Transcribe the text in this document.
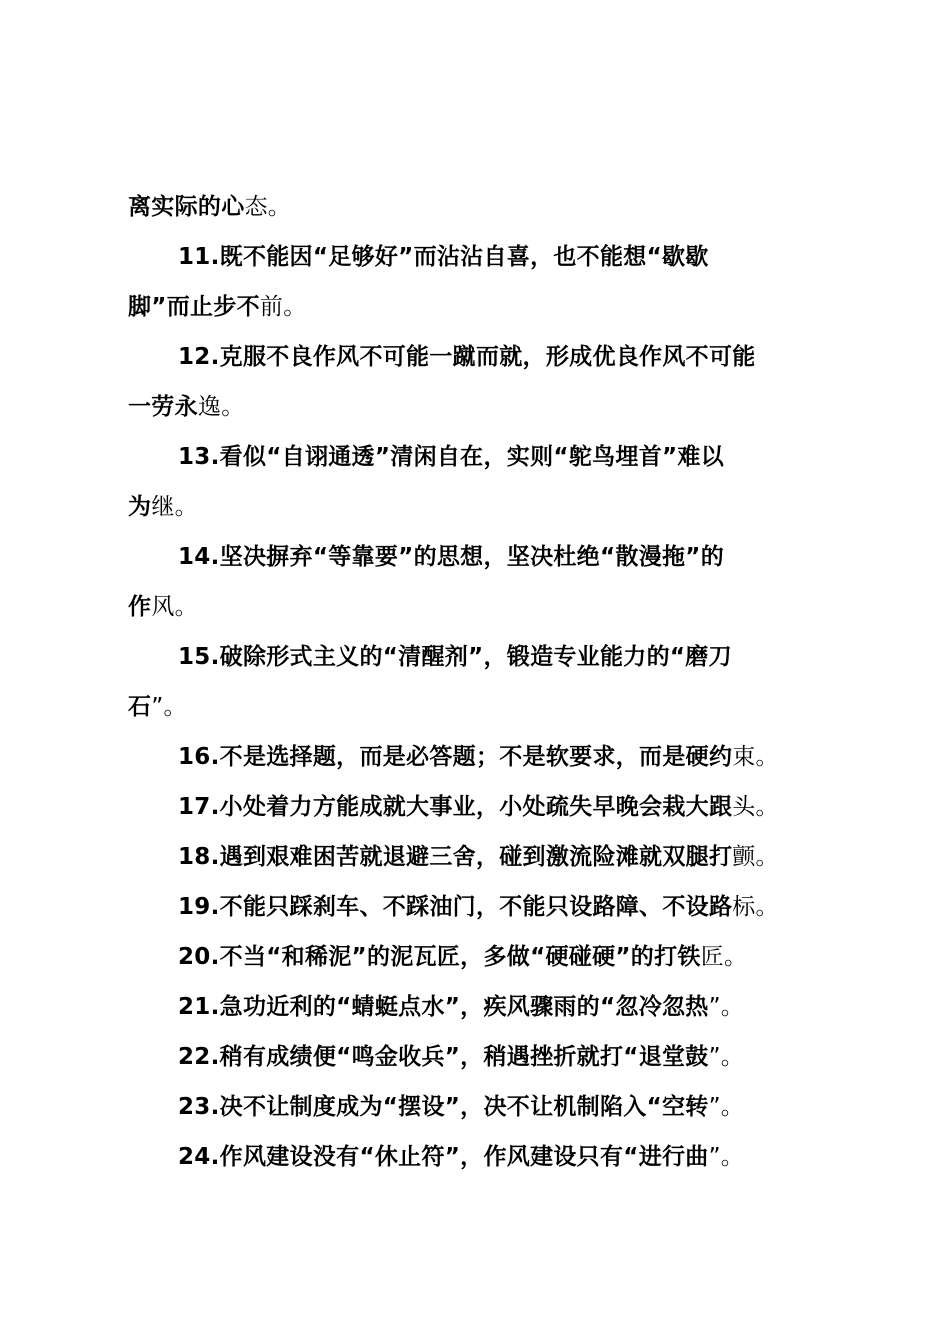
离实际的心态。
11.既不能因“足够好”而沾沾自喜，也不能想“歇歇
脚”而止步不前。
12.克服不良作风不可能一蹴而就，形成优良作风不可能
一劳永逸。
13.看似“自诩通透”清闲自在，实则“鸵鸟埋首”难以
为继。
14.坚决摒弃“等靠要”的思想，坚决杜绝“散漫拖”的
作风。
15.破除形式主义的“清醒剂”，锻造专业能力的“磨刀
石”。
16.不是选择题，而是必答题；不是软要求，而是硬约束。
17.小处着力方能成就大事业，小处疏失早晚会栽大跟头。
18.遇到艰难困苦就退避三舍，碰到激流险滩就双腿打颤。
19.不能只踩刹车、不踩油门，不能只设路障、不设路标。
20.不当“和稀泥”的泥瓦匠，多做“硬碰硬”的打铁匠。
21.急功近利的“蜻蜓点水”，疾风骤雨的“忽冷忽热”。
22.稍有成绩便“鸣金收兵”，稍遇挫折就打“退堂鼓”。
23.决不让制度成为“摆设”，决不让机制陷入“空转”。
24.作风建设没有“休止符”，作风建设只有“进行曲”。
